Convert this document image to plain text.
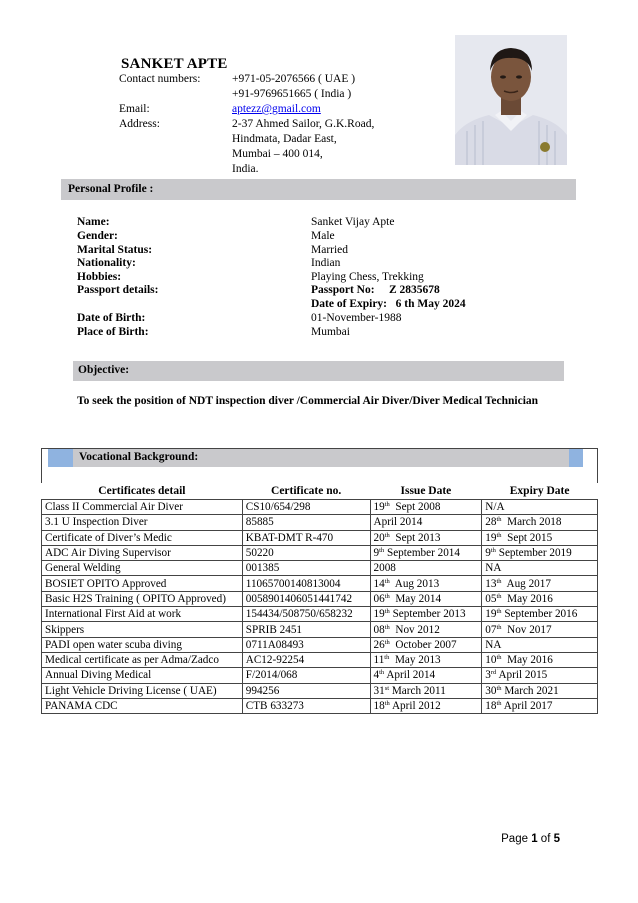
SANKET APTE
Contact numbers:	+971-05-2076566 ( UAE )
+91-9769651665 ( India )
Email:	aptezz@gmail.com
Address:	2-37 Ahmed Sailor, G.K.Road,
Hindmata, Dadar East,
Mumbai – 400 014,
India.
Personal Profile :
Name:	Sanket Vijay Apte
Gender:	Male
Marital Status:	Married
Nationality:	Indian
Hobbies:	Playing Chess, Trekking
Passport details:	Passport No:     Z 2835678
Date of Expiry:   6 th May 2024
Date of Birth:	01-November-1988
Place of Birth:	Mumbai
Objective:
To seek the position of NDT inspection diver /Commercial Air Diver/Diver Medical Technician
Vocational Background:
Certificates detail	Certificate no.	Issue Date	Expiry Date
Class II Commercial Air Diver	CS10/654/298	19th  Sept 2008	N/A
3.1 U Inspection Diver	85885	April 2014	28th  March 2018
Certificate of Diver’s Medic	KBAT-DMT R-470	20th  Sept 2013	19th  Sept 2015
ADC Air Diving Supervisor	50220	9th September 2014	9th September 2019
General Welding	001385	2008	NA
BOSIET OPITO Approved	11065700140813004	14th  Aug 2013	13th  Aug 2017
Basic H2S Training ( OPITO Approved)	0058901406051441742	06th  May 2014	05th  May 2016
International First Aid at work	154434/508750/658232	19th September 2013	19th September 2016
Skippers	SPRIB 2451	08th  Nov 2012	07th  Nov 2017
PADI open water scuba diving	0711A08493	26th  October 2007	NA
Medical certificate as per Adma/Zadco	AC12-92254	11th  May 2013	10th  May 2016
Annual Diving Medical	F/2014/068	4th April 2014	3rd April 2015
Light Vehicle Driving License ( UAE)	994256	31st March 2011	30th March 2021
PANAMA CDC	CTB 633273	18th April 2012	18th April 2017
Page 1 of 5
